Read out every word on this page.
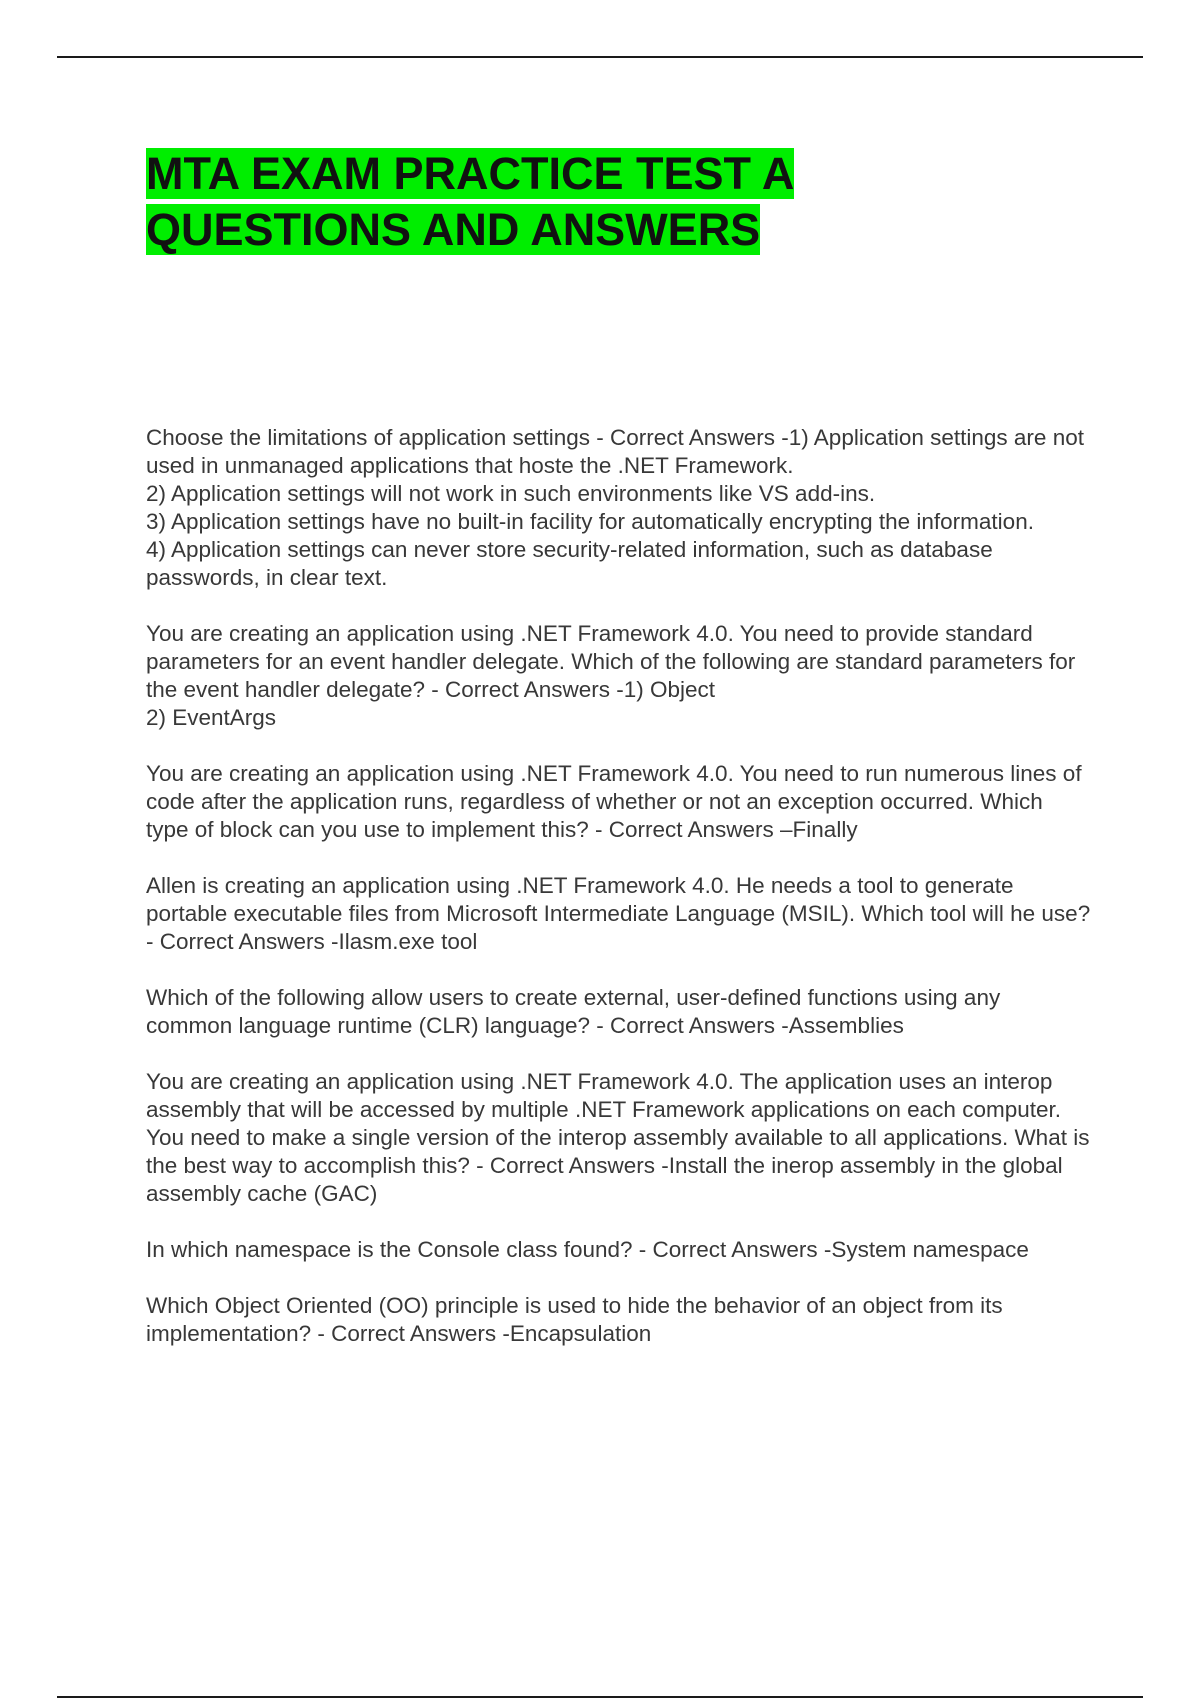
MTA EXAM PRACTICE TEST A
QUESTIONS AND ANSWERS

Choose the limitations of application settings - Correct Answers -1) Application settings are not used in unmanaged applications that hoste the .NET Framework.
2) Application settings will not work in such environments like VS add-ins.
3) Application settings have no built-in facility for automatically encrypting the information.
4) Application settings can never store security-related information, such as database passwords, in clear text.

You are creating an application using .NET Framework 4.0. You need to provide standard parameters for an event handler delegate. Which of the following are standard parameters for the event handler delegate? - Correct Answers -1) Object
2) EventArgs

You are creating an application using .NET Framework 4.0. You need to run numerous lines of code after the application runs, regardless of whether or not an exception occurred. Which type of block can you use to implement this? - Correct Answers –Finally

Allen is creating an application using .NET Framework 4.0. He needs a tool to generate portable executable files from Microsoft Intermediate Language (MSIL). Which tool will he use? - Correct Answers -Ilasm.exe tool

Which of the following allow users to create external, user-defined functions using any common language runtime (CLR) language? - Correct Answers -Assemblies

You are creating an application using .NET Framework 4.0. The application uses an interop assembly that will be accessed by multiple .NET Framework applications on each computer. You need to make a single version of the interop assembly available to all applications. What is the best way to accomplish this? - Correct Answers -Install the inerop assembly in the global assembly cache (GAC)

In which namespace is the Console class found? - Correct Answers -System namespace

Which Object Oriented (OO) principle is used to hide the behavior of an object from its implementation? - Correct Answers -Encapsulation
